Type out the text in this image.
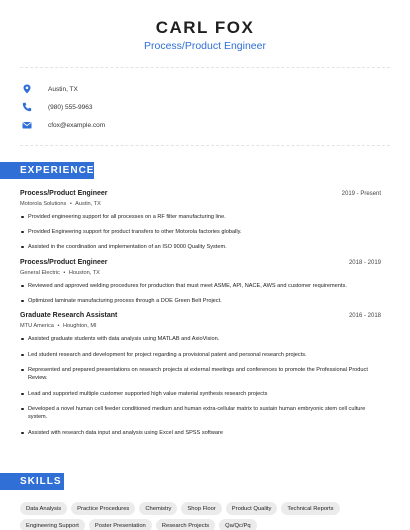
CARL FOX
Process/Product Engineer
Austin, TX
(980) 555-9963
cfox@example.com
EXPERIENCE
Process/Product Engineer	2019 - Present
Motorola Solutions • Austin, TX
Provided engineering support for all processes on a RF filter manufacturing line.
Provided Engineering support for product transfers to other Motorola factories globally.
Assisted in the coordination and implementation of an ISO 9000 Quality System.
Process/Product Engineer	2018 - 2019
General Electric • Houston, TX
Reviewed and approved welding procedures for production that must meet ASME, API, NACE, AWS and customer requirements.
Optimized laminate manufacturing process through a DOE Green Belt Project.
Graduate Research Assistant	2016 - 2018
MTU America • Houghton, MI
Assisted graduate students with data analysis using MATLAB and AxioVision.
Led student research and development for project regarding a provisional patent and personal research projects.
Represented and prepared presentations on research projects at external meetings and conferences to promote the Professional Product Review.
Lead and supported multiple customer supported high value material synthesis research projects
Developed a novel human cell feeder conditioned medium and human extra-cellular matrix to sustain human embryonic stem cell culture system.
Assisted with research data input and analysis using Excel and SPSS software
SKILLS
Data Analysis	Practice Procedures	Chemistry	Shop Floor	Product Quality	Technical Reports
Engineering Support	Poster Presentation	Research Projects	Qa/Qc/Pq
